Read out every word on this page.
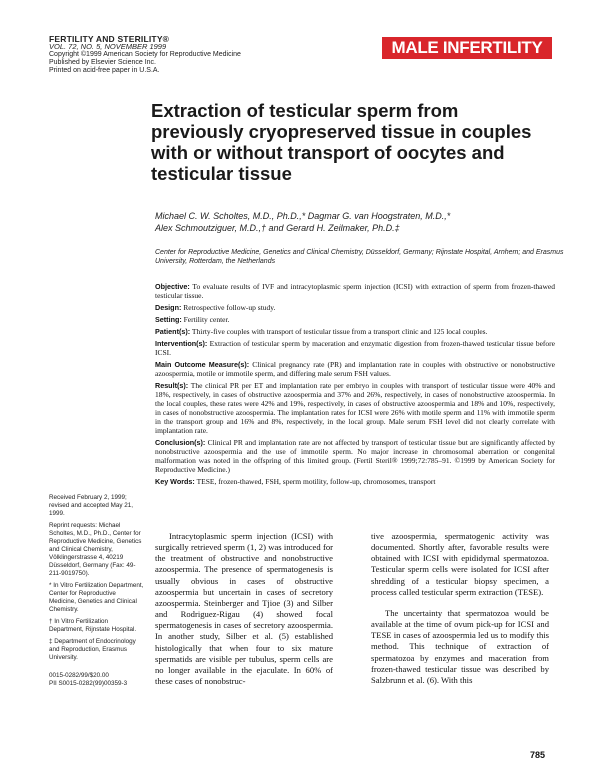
FERTILITY AND STERILITY®
VOL. 72, NO. 5, NOVEMBER 1999
Copyright ©1999 American Society for Reproductive Medicine
Published by Elsevier Science Inc.
Printed on acid-free paper in U.S.A.
MALE INFERTILITY
Extraction of testicular sperm from previously cryopreserved tissue in couples with or without transport of oocytes and testicular tissue
Michael C. W. Scholtes, M.D., Ph.D.,* Dagmar G. van Hoogstraten, M.D.,*
Alex Schmoutziguer, M.D.,† and Gerard H. Zeilmaker, Ph.D.‡
Center for Reproductive Medicine, Genetics and Clinical Chemistry, Düsseldorf, Germany; Rijnstate Hospital, Arnhem; and Erasmus University, Rotterdam, the Netherlands

Objective: To evaluate results of IVF and intracytoplasmic sperm injection (ICSI) with extraction of sperm from frozen-thawed testicular tissue.

Design: Retrospective follow-up study.

Setting: Fertility center.

Patient(s): Thirty-five couples with transport of testicular tissue from a transport clinic and 125 local couples.

Intervention(s): Extraction of testicular sperm by maceration and enzymatic digestion from frozen-thawed testicular tissue before ICSI.

Main Outcome Measure(s): Clinical pregnancy rate (PR) and implantation rate in couples with obstructive or nonobstructive azoospermia, motile or immotile sperm, and differing male serum FSH values.

Result(s): The clinical PR per ET and implantation rate per embryo in couples with transport of testicular tissue were 40% and 18%, respectively, in cases of obstructive azoospermia and 37% and 26%, respectively, in cases of nonobstructive azoospermia. In the local couples, these rates were 42% and 19%, respectively, in cases of obstructive azoospermia and 18% and 10%, respectively, in cases of nonobstructive azoospermia. The implantation rates for ICSI were 26% with motile sperm and 11% with immotile sperm in the transport group and 16% and 8%, respectively, in the local group. Male serum FSH level did not clearly correlate with implantation rate.

Conclusion(s): Clinical PR and implantation rate are not affected by transport of testicular tissue but are significantly affected by nonobstructive azoospermia and the use of immotile sperm. No major increase in chromosomal aberration or congenital malformation was noted in the offspring of this limited group. (Fertil Steril® 1999;72:785–91. ©1999 by American Society for Reproductive Medicine.)

Key Words: TESE, frozen-thawed, FSH, sperm motility, follow-up, chromosomes, transport

Received February 2, 1999; revised and accepted May 21, 1999.

Reprint requests: Michael Scholtes, M.D., Ph.D., Center for Reproductive Medicine, Genetics and Clinical Chemistry, Völklingerstrasse 4, 40219 Düsseldorf, Germany (Fax: 49-211-9019750).

* In Vitro Fertilization Department, Center for Reproductive Medicine, Genetics and Clinical Chemistry.

† In Vitro Fertilization Department, Rijnstate Hospital.

‡ Department of Endocrinology and Reproduction, Erasmus University.

0015-0282/99/$20.00
PII S0015-0282(99)00359-3

Intracytoplasmic sperm injection (ICSI) with surgically retrieved sperm (1, 2) was introduced for the treatment of obstructive and nonobstructive azoospermia. The presence of spermatogenesis is usually obvious in cases of obstructive azoospermia but uncertain in cases of secretory azoospermia. Steinberger and Tjioe (3) and Silber and Rodriguez-Rigau (4) showed focal spermatogenesis in cases of secretory azoospermia. In another study, Silber et al. (5) established histologically that when four to six mature spermatids are visible per tubulus, sperm cells are no longer available in the ejaculate. In 60% of these cases of nonobstruc-

tive azoospermia, spermatogenic activity was documented. Shortly after, favorable results were obtained with ICSI with epididymal spermatozoa. Testicular sperm cells were isolated for ICSI after shredding of a testicular biopsy specimen, a process called testicular sperm extraction (TESE).

The uncertainty that spermatozoa would be available at the time of ovum pick-up for ICSI and TESE in cases of azoospermia led us to modify this method. This technique of extraction of spermatozoa by enzymes and maceration from frozen-thawed testicular tissue was described by Salzbrunn et al. (6). With this

785
